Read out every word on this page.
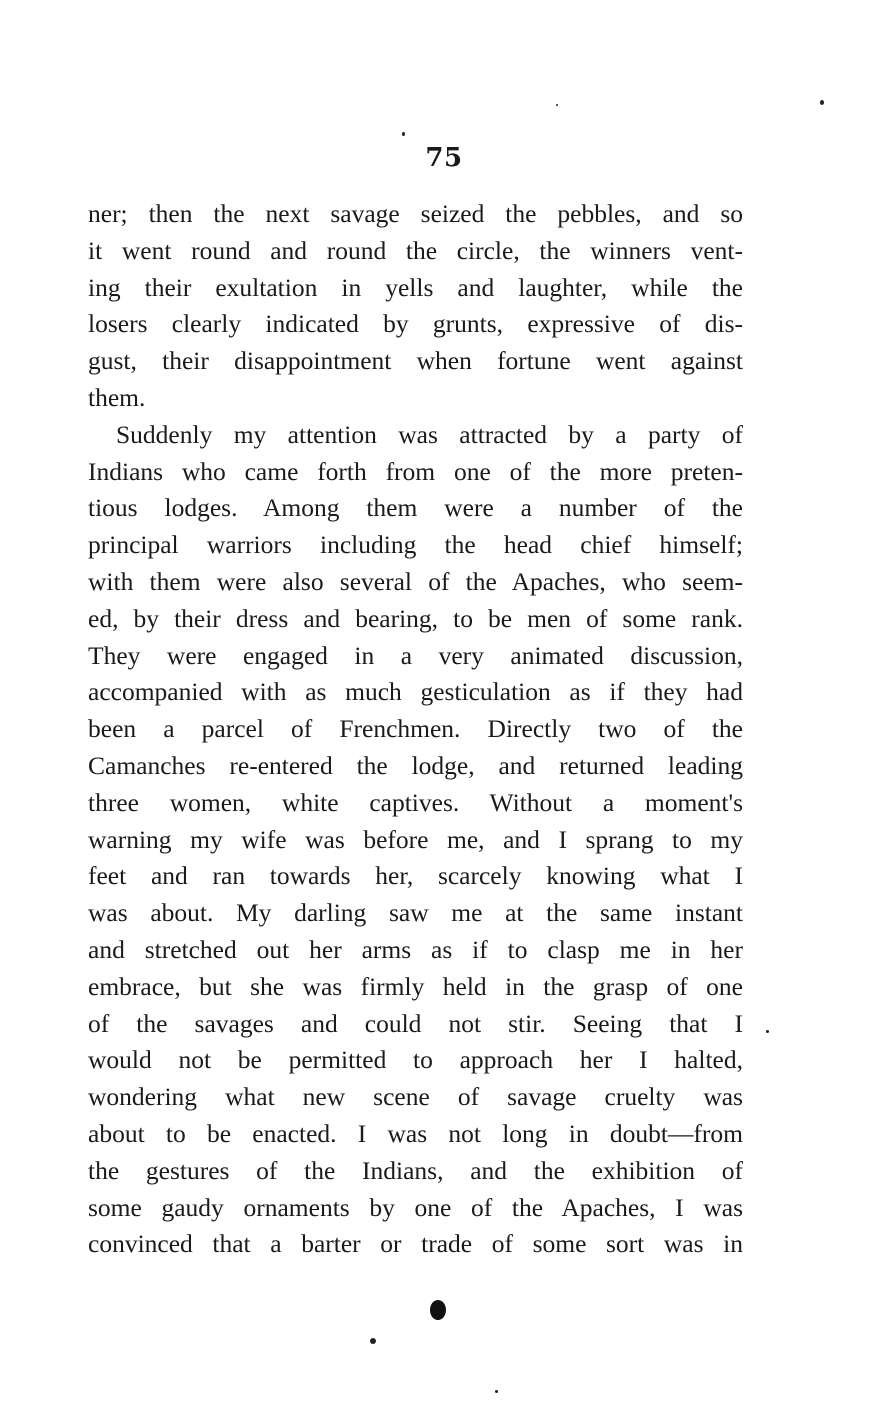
75

ner; then the next savage seized the pebbles, and so
it went round and round the circle, the winners vent-
ing their exultation in yells and laughter, while the
losers clearly indicated by grunts, expressive of dis-
gust, their disappointment when fortune went against
them.

Suddenly my attention was attracted by a party of
Indians who came forth from one of the more preten-
tious lodges. Among them were a number of the
principal warriors including the head chief himself;
with them were also several of the Apaches, who seem-
ed, by their dress and bearing, to be men of some rank.
They were engaged in a very animated discussion,
accompanied with as much gesticulation as if they had
been a parcel of Frenchmen. Directly two of the
Camanches re-entered the lodge, and returned leading
three women, white captives. Without a moment's
warning my wife was before me, and I sprang to my
feet and ran towards her, scarcely knowing what I
was about. My darling saw me at the same instant
and stretched out her arms as if to clasp me in her
embrace, but she was firmly held in the grasp of one
of the savages and could not stir. Seeing that I
would not be permitted to approach her I halted,
wondering what new scene of savage cruelty was
about to be enacted. I was not long in doubt—from
the gestures of the Indians, and the exhibition of
some gaudy ornaments by one of the Apaches, I was
convinced that a barter or trade of some sort was in
